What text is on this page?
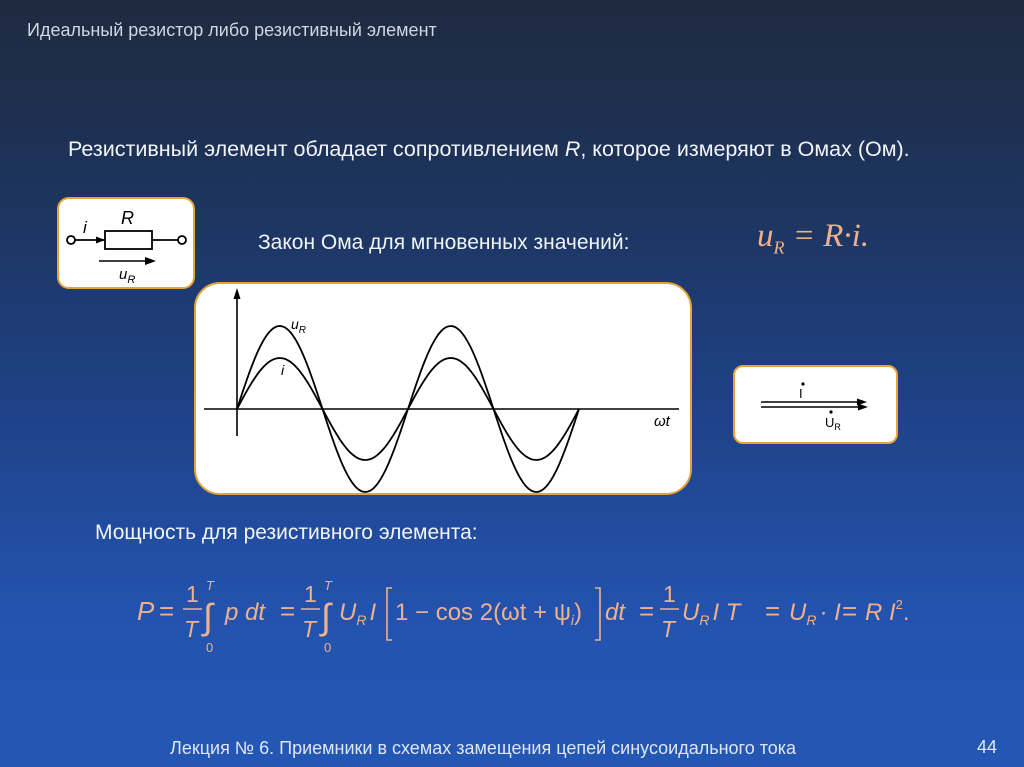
Идеальный резистор либо резистивный элемент
Резистивный элемент обладает сопротивлением R, которое измеряют в Омах (Ом).
i R
$u_R$
Закон Ома для мгновенных значений:	$u_R = R\cdot i$.
$u_R$
i
ωt
I
$U_R$
Мощность для резистивного элемента:
P =
1
T
T
∫
0
p dt =
1
T
T
∫
0
$U_R$ I $1 - \cos 2(\omega t + \psi_i)$ dt =
1
T
$U_R$ I $T = U_R \cdot I = R$ $I^2$.
Лекция № 6. Приемники в схемах замещения цепей синусоидального тока	44
